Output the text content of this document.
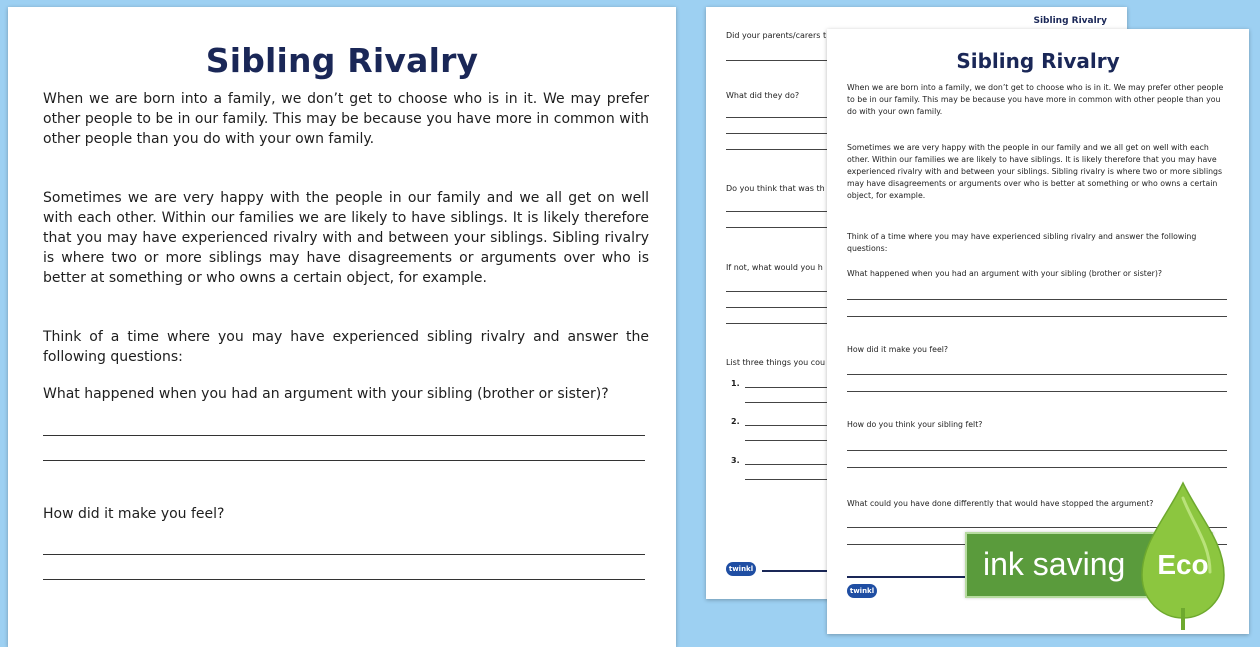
Sibling Rivalry

When we are born into a family, we don’t get to choose who is in it. We may prefer other people to be in our family. This may be because you have more in common with other people than you do with your own family.

Sometimes we are very happy with the people in our family and we all get on well with each other. Within our families we are likely to have siblings. It is likely therefore that you may have experienced rivalry with and between your siblings. Sibling rivalry is where two or more siblings may have disagreements or arguments over who is better at something or who owns a certain object, for example.

Think of a time where you may have experienced sibling rivalry and answer the following questions:

What happened when you had an argument with your sibling (brother or sister)?
How did it make you feel?
Sibling Rivalry
Did your parents/carers t
What did they do?
Do you think that was th
If not, what would you h
List three things you cou
1.
2.
3.
twinkl
Sibling Rivalry

When we are born into a family, we don’t get to choose who is in it. We may prefer other people to be in our family. This may be because you have more in common with other people than you do with your own family.

Sometimes we are very happy with the people in our family and we all get on well with each other. Within our families we are likely to have siblings. It is likely therefore that you may have experienced rivalry with and between your siblings. Sibling rivalry is where two or more siblings may have disagreements or arguments over who is better at something or who owns a certain object, for example.

Think of a time where you may have experienced sibling rivalry and answer the following questions:

What happened when you had an argument with your sibling (brother or sister)?
How did it make you feel?
How do you think your sibling felt?
What could you have done differently that would have stopped the argument?
twinkl
ink saving Eco
